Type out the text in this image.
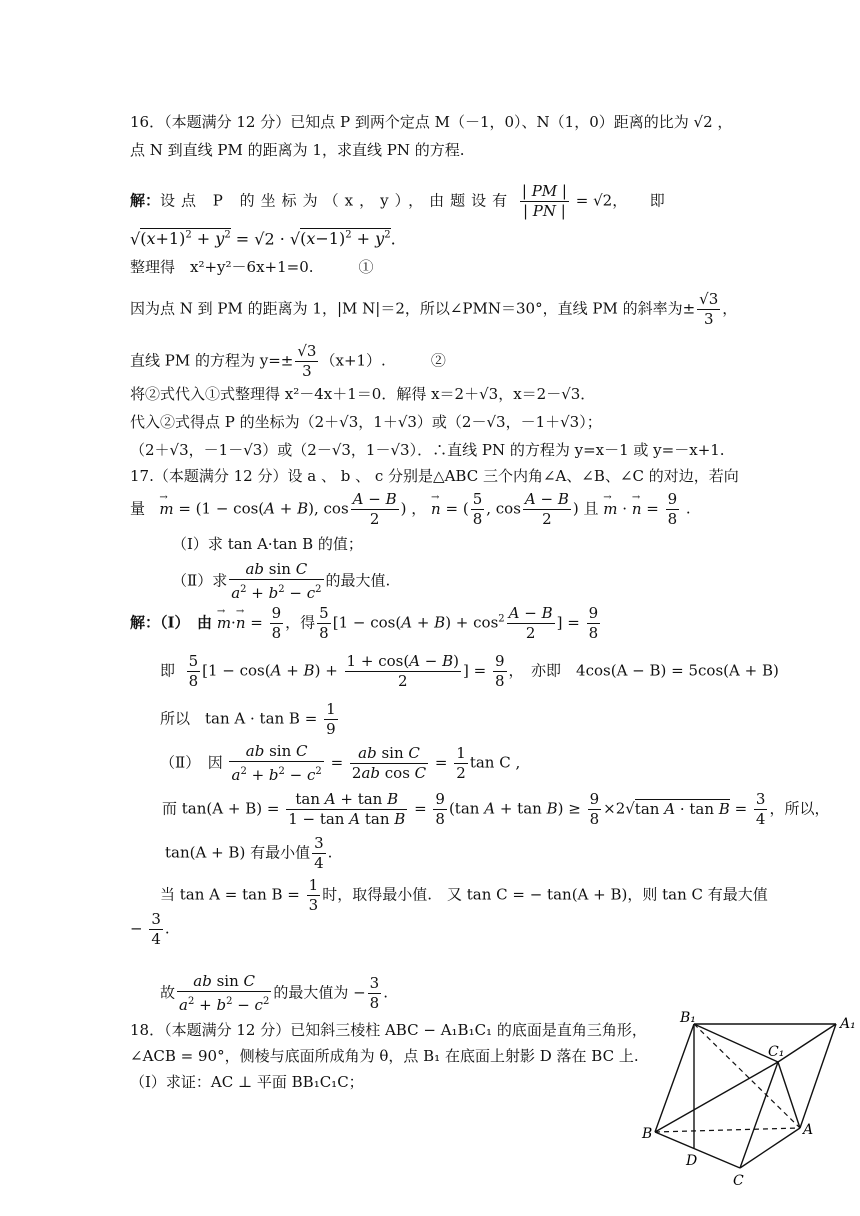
16．（本题满分 12 分）已知点 P 到两个定点 M（－1，0）、N（1，0）距离的比为 √2 ，
点 N 到直线 PM 的距离为 1，求直线 PN 的方程.
解：设点 P 的坐标为（x，y），由题设有 $\frac{| PM |}{| PN |} = √2$，　　即
$√(x+1)^2 + y^2 = √2 \cdot √(x-1)^2 + y^2$.
整理得　x²+y²－6x+1=0.　　　①
因为点 N 到 PM 的距离为 1，|M N|＝2，所以∠PMN＝30°，直线 PM 的斜率为± $\frac{√3}{3}$ ，
直线 PM 的方程为 $y=\pm \frac{√3}{3} (x+1)$.　　　②
将②式代入①式整理得 x²－4x＋1＝0．解得 x＝2＋√3，x＝2－√3．
代入②式得点 P 的坐标为（2＋√3，1＋√3）或（2－√3，－1＋√3）；
（2＋√3，－1－√3）或（2－√3，1－√3）．∴直线 PN 的方程为 y=x－1 或 y=－x+1.
17.（本题满分 12 分）设 a 、 b 、 c 分别是△ABC 三个内角∠A、∠B、∠C 的对边，若向
量 → m = (1 − cos(A + B), $\cos \frac{A - B}{2}$ ) ， → n = ( $\frac{5}{8}$ , $\cos \frac{A - B}{2}$ ) 且 → m · → $n = \frac{9}{8}$ .
（Ⅰ）求 tan A·tan B 的值；
（Ⅱ）求 $\frac{\text{ab sin C}}{a^2 + b^2 - c^2}$ 的最大值.
解：（Ⅰ）　由 → $m\cdot\to n = \frac{9}{8}$ ，得 $\frac{5}{8} [1 - \cos(A + B) + \cos^2 \frac{A - B}{2}$ ] = $\frac{9}{8}$
即 $\frac{5}{8} [1 - \cos(A + B) + \frac{1 + \cos(A - B)}{2}$ ] = $\frac{9}{8}$ ，　亦即　4cos(A − B) = 5cos(A + B)
所以　$\tan A \cdot \tan B = \frac{1}{9}$
（Ⅱ）　因 $\frac{\text{ab sin C}}{a^2 + b^2 - c^2} = \frac{\text{ab sin C}}{\text{2ab cos C}} = \frac{1}{2}$ tan C ,
而 $\tan(A + B) = \frac{\text{tan A + tan B}}{\text{1 − tan A tan B}} = \frac{9}{8} (\tan$ $A + \tan B) \ge \frac{9}{8} \times 2√\tan$ $A \cdot \tan B = \frac{3}{4}$ ，所以，
tan(A + B) 有最小值 $\frac{3}{4}$ .
当 $\tan A = \tan B = \frac{1}{3}$ 时，取得最小值.　又 tan C = − tan(A + B)，则 tan C 有最大值
− $\frac{3}{4}$ .
故 $\frac{\text{ab sin C}}{a^2 + b^2 - c^2}$ 的最大值为 − $\frac{3}{8}$ .
18．（本题满分 12 分）已知斜三棱柱 ABC − A₁B₁C₁ 的底面是直角三角形，
∠ACB = 90°，侧棱与底面所成角为 θ，点 B₁ 在底面上射影 D 落在 BC 上.
（Ⅰ）求证：AC ⊥ 平面 BB₁C₁C；
B₁	A₁
C₁
B	A
D
C
